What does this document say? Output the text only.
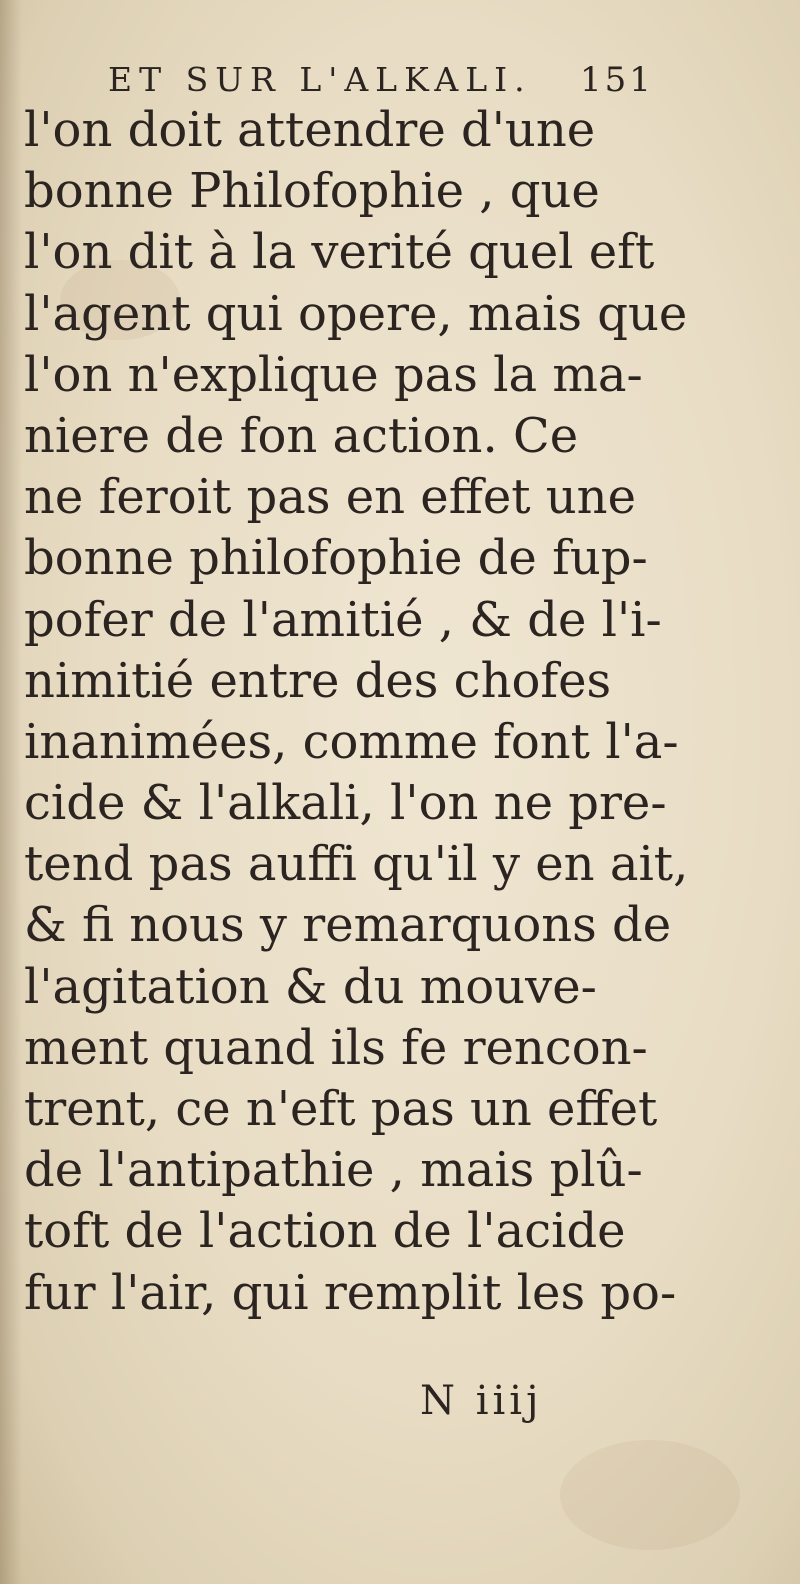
ET SUR L'ALKALI. 151
l'on doit attendre d'une
bonne Philofophie , que
l'on dit à la verité quel eft
l'agent qui opere, mais que
l'on n'explique pas la ma-
niere de fon action. Ce
ne feroit pas en effet une
bonne philofophie de fup-
pofer de l'amitié , & de l'i-
nimitié entre des chofes
inanimées, comme font l'a-
cide & l'alkali, l'on ne pre-
tend pas auffi qu'il y en ait,
& fi nous y remarquons de
l'agitation & du mouve-
ment quand ils fe rencon-
trent, ce n'eft pas un effet
de l'antipathie , mais plû-
toft de l'action de l'acide
fur l'air, qui remplit les po-
N iiij
